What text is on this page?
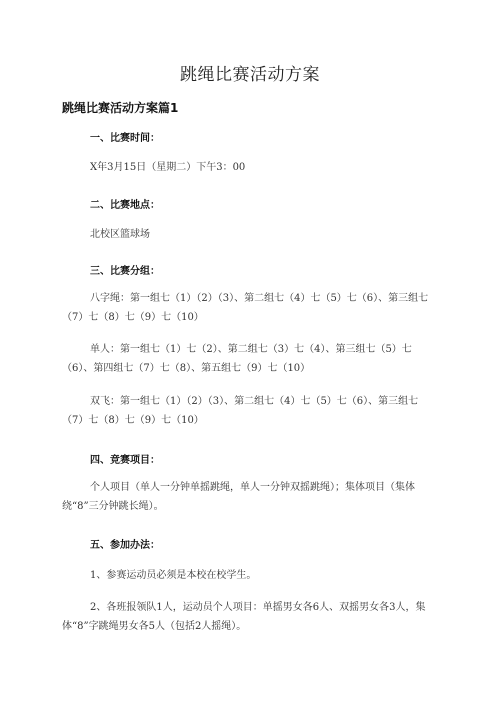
跳绳比赛活动方案
跳绳比赛活动方案篇1
一、比赛时间：

X年3月15日（星期二）下午3：00

二、比赛地点：

北校区篮球场

三、比赛分组：

八字绳：第一组七（1）（2）（3）、第二组七（4）七（5）七（6）、第三组七（7）七（8）七（9）七（10）

单人：第一组七（1）七（2）、第二组七（3）七（4）、第三组七（5）七（6）、第四组七（7）七（8）、第五组七（9）七（10）

双飞：第一组七（1）（2）（3）、第二组七（4）七（5）七（6）、第三组七（7）七（8）七（9）七（10）

四、竞赛项目：

个人项目（单人一分钟单摇跳绳，单人一分钟双摇跳绳）；集体项目（集体绕“8”三分钟跳长绳）。

五、参加办法：

1、参赛运动员必须是本校在校学生。

2、各班报领队1人，运动员个人项目：单摇男女各6人、双摇男女各3人，集体“8”字跳绳男女各5人（包括2人摇绳）。
